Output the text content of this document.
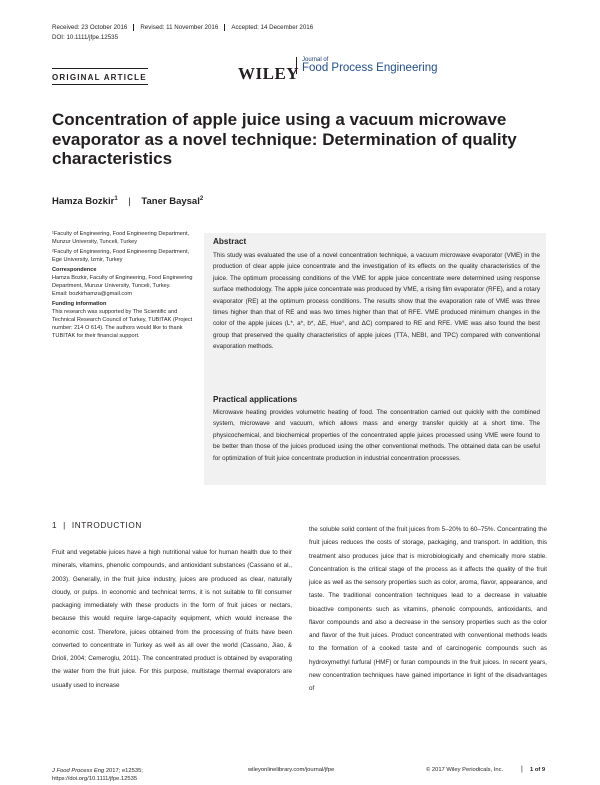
Received: 23 October 2016	Revised: 11 November 2016	Accepted: 14 December 2016
DOI: 10.1111/jfpe.12535
ORIGINAL ARTICLE	WILEY
Journal of
Food Process Engineering
Concentration of apple juice using a vacuum microwave evaporator as a novel technique: Determination of quality characteristics
Hamza Bozkir$^1$ | Taner Baysal$^2$

¹Faculty of Engineering, Food Engineering Department, Munzur University, Tunceli, Turkey

²Faculty of Engineering, Food Engineering Department, Ege University, Izmir, Turkey

Correspondence
Hamza Bozkir, Faculty of Engineering, Food Engineering Department, Munzur University, Tunceli, Turkey.

Email: bozkirhamza@gmail.com

Funding information
This research was supported by The Scientific and Technical Research Council of Turkey, TUBITAK (Project number: 214 O 614). The authors would like to thank TUBITAK for their financial support.
Abstract
This study was evaluated the use of a novel concentration technique, a vacuum microwave evaporator (VME) in the production of clear apple juice concentrate and the investigation of its effects on the quality characteristics of the juice. The optimum processing conditions of the VME for apple juice concentrate were determined using response surface methodology. The apple juice concentrate was produced by VME, a rising film evaporator (RFE), and a rotary evaporator (RE) at the optimum process conditions. The results show that the evaporation rate of VME was three times higher than that of RE and was two times higher than that of RFE. VME produced minimum changes in the color of the apple juices (L*, a*, b*, ΔE, Hue°, and ΔC) compared to RE and RFE. VME was also found the best group that preserved the quality characteristics of apple juices (TTA, NEBI, and TPC) compared with conventional evaporation methods.
Practical applications
Microwave heating provides volumetric heating of food. The concentration carried out quickly with the combined system, microwave and vacuum, which allows mass and energy transfer quickly at a short time. The physicochemical, and biochemical properties of the concentrated apple juices processed using VME were found to be better than those of the juices produced using the other conventional methods. The obtained data can be useful for optimization of fruit juice concentrate production in industrial concentration processes.
1 | INTRODUCTION

Fruit and vegetable juices have a high nutritional value for human health due to their minerals, vitamins, phenolic compounds, and antioxidant substances (Cassano et al., 2003). Generally, in the fruit juice industry, juices are produced as clear, naturally cloudy, or pulps. In economic and technical terms, it is not suitable to fill consumer packaging immediately with these products in the form of fruit juices or nectars, because this would require large-capacity equipment, which would increase the economic cost. Therefore, juices obtained from the processing of fruits have been converted to concentrate in Turkey as well as all over the world (Cassano, Jiao, & Drioli, 2004; Cemeroglu, 2011). The concentrated product is obtained by evaporating the water from the fruit juice. For this purpose, multistage thermal evaporators are usually used to increase

the soluble solid content of the fruit juices from 5–20% to 60–75%. Concentrating the fruit juices reduces the costs of storage, packaging, and transport. In addition, this treatment also produces juice that is microbiologically and chemically more stable. Concentration is the critical stage of the process as it affects the quality of the fruit juice as well as the sensory properties such as color, aroma, flavor, appearance, and taste. The traditional concentration techniques lead to a decrease in valuable bioactive components such as vitamins, phenolic compounds, antioxidants, and flavor compounds and also a decrease in the sensory properties such as the color and flavor of the fruit juices. Product concentrated with conventional methods leads to the formation of a cooked taste and of carcinogenic compounds such as hydroxymethyl furfural (HMF) or furan compounds in the fruit juices. In recent years, new concentration techniques have gained importance in light of the disadvantages of

J Food Process Eng 2017; e12535;
https://doi.org/10.1111/jfpe.12535
wileyonlinelibrary.com/journal/jfpe	© 2017 Wiley Periodicals, Inc.	| 1 of 9
